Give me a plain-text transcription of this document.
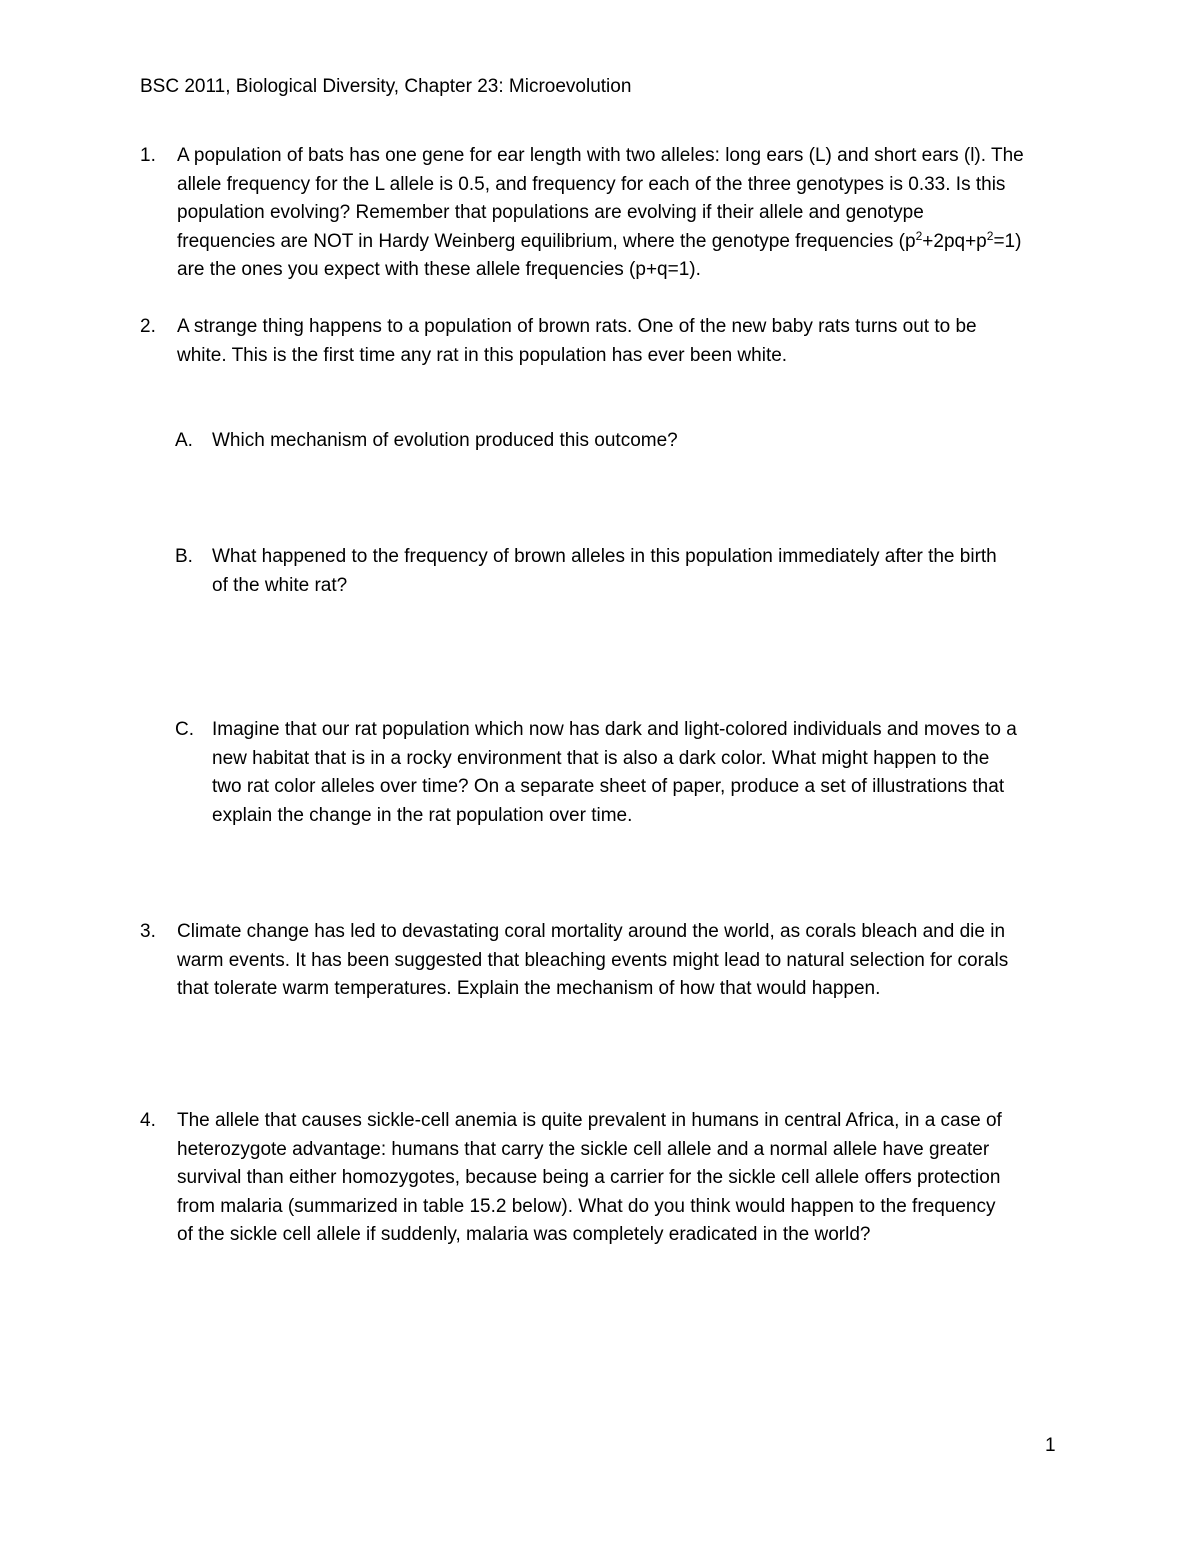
BSC 2011, Biological Diversity, Chapter 23: Microevolution
1. A population of bats has one gene for ear length with two alleles: long ears (L) and short ears (l). The
allele frequency for the L allele is 0.5, and frequency for each of the three genotypes is 0.33. Is this
population evolving? Remember that populations are evolving if their allele and genotype
frequencies are NOT in Hardy Weinberg equilibrium, where the genotype frequencies $(p^2+2pq+p^2=1)$
are the ones you expect with these allele frequencies (p+q=1).
2. A strange thing happens to a population of brown rats. One of the new baby rats turns out to be
white. This is the first time any rat in this population has ever been white.
A. Which mechanism of evolution produced this outcome?
B. What happened to the frequency of brown alleles in this population immediately after the birth
of the white rat?
C. Imagine that our rat population which now has dark and light-colored individuals and moves to a
new habitat that is in a rocky environment that is also a dark color. What might happen to the
two rat color alleles over time? On a separate sheet of paper, produce a set of illustrations that
explain the change in the rat population over time.
3. Climate change has led to devastating coral mortality around the world, as corals bleach and die in
warm events. It has been suggested that bleaching events might lead to natural selection for corals
that tolerate warm temperatures. Explain the mechanism of how that would happen.
4. The allele that causes sickle-cell anemia is quite prevalent in humans in central Africa, in a case of
heterozygote advantage: humans that carry the sickle cell allele and a normal allele have greater
survival than either homozygotes, because being a carrier for the sickle cell allele offers protection
from malaria (summarized in table 15.2 below). What do you think would happen to the frequency
of the sickle cell allele if suddenly, malaria was completely eradicated in the world?
1
